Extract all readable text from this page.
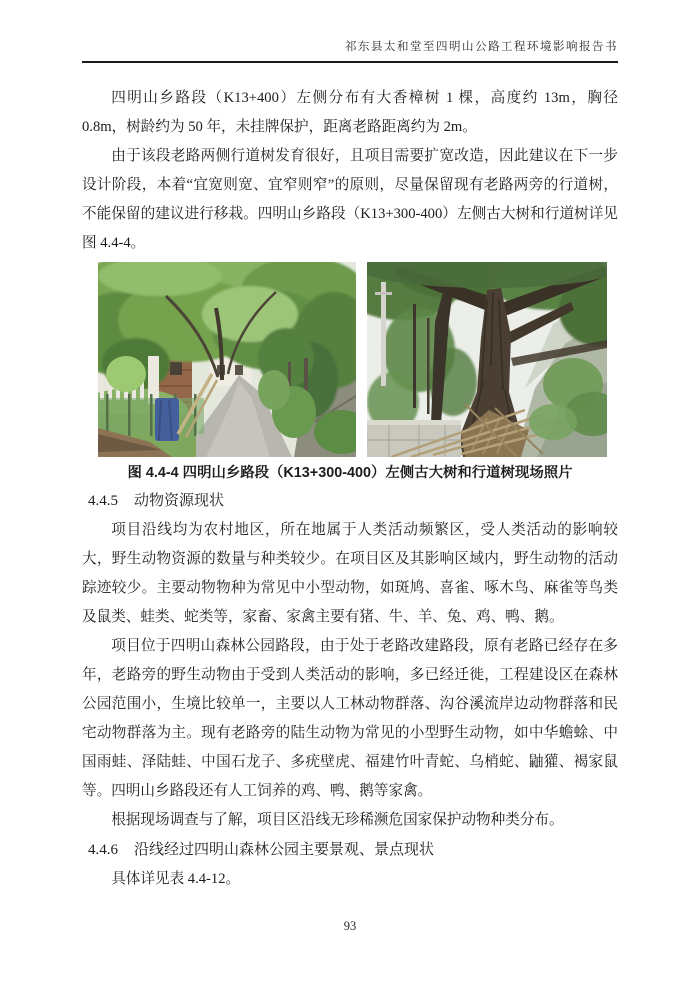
祁东县太和堂至四明山公路工程环境影响报告书

四明山乡路段（K13+400）左侧分布有大香樟树 1 棵，高度约 13m，胸径 0.8m，树龄约为 50 年，未挂牌保护，距离老路距离约为 2m。

由于该段老路两侧行道树发育很好，且项目需要扩宽改造，因此建议在下一步设计阶段，本着“宜宽则宽、宜窄则窄”的原则，尽量保留现有老路两旁的行道树，不能保留的建议进行移栽。四明山乡路段（K13+300-400）左侧古大树和行道树详见图 4.4-4。

图 4.4-4 四明山乡路段（K13+300-400）左侧古大树和行道树现场照片

4.4.5 动物资源现状

项目沿线均为农村地区，所在地属于人类活动频繁区，受人类活动的影响较大，野生动物资源的数量与种类较少。在项目区及其影响区域内，野生动物的活动踪迹较少。主要动物物种为常见中小型动物，如斑鸠、喜雀、啄木鸟、麻雀等鸟类及鼠类、蛙类、蛇类等，家畜、家禽主要有猪、牛、羊、兔、鸡、鸭、鹅。

项目位于四明山森林公园路段，由于处于老路改建路段，原有老路已经存在多年，老路旁的野生动物由于受到人类活动的影响，多已经迁徙，工程建设区在森林公园范围小，生境比较单一，主要以人工林动物群落、沟谷溪流岸边动物群落和民宅动物群落为主。现有老路旁的陆生动物为常见的小型野生动物，如中华蟾蜍、中国雨蛙、泽陆蛙、中国石龙子、多疣壁虎、福建竹叶青蛇、乌梢蛇、鼬獾、褐家鼠等。四明山乡路段还有人工饲养的鸡、鸭、鹅等家禽。

根据现场调查与了解，项目区沿线无珍稀濒危国家保护动物种类分布。

4.4.6 沿线经过四明山森林公园主要景观、景点现状

具体详见表 4.4-12。

93
